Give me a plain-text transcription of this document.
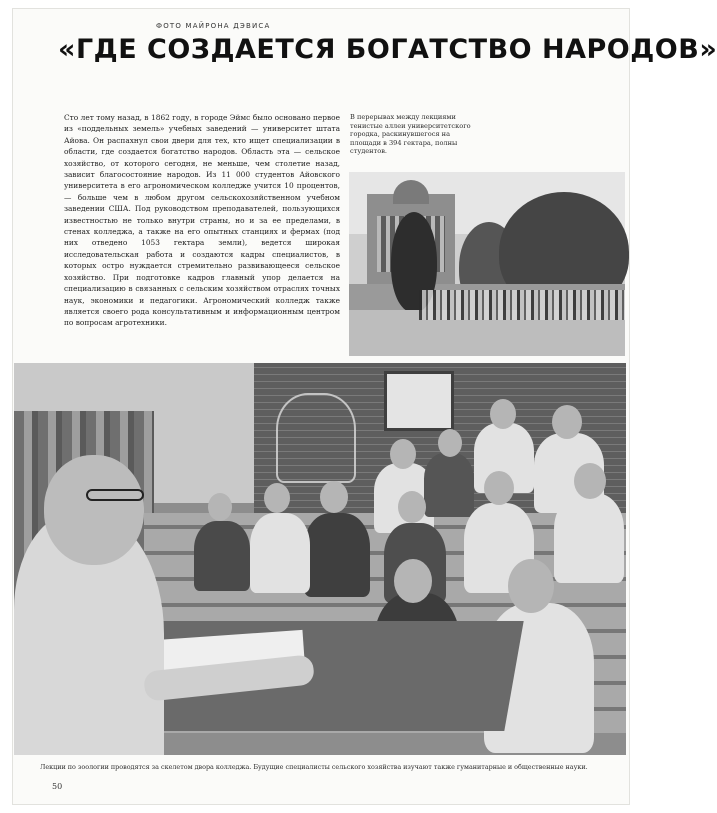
ФОТО МАЙРОНА ДЭВИСА
«ГДЕ СОЗДАЕТСЯ БОГАТСТВО НАРОДОВ»
Сто лет тому назад, в 1862 году, в городе Эймс было основано первое из «поддельных земель» учебных заведений — университет штата Айова. Он распахнул свои двери для тех, кто ищет специализации в области, где создается богатство народов. Область эта — сельское хозяйство, от которого сегодня, не меньше, чем столетие назад, зависит благосостояние народов. Из 11 000 студентов Айовского университета в его агрономическом колледже учится 10 процентов, — больше чем в любом другом сельскохозяйственном учебном заведении США. Под руководством преподавателей, пользующихся известностью не только внутри страны, но и за ее пределами, в стенах колледжа, а также на его опытных станциях и фермах (под них отведено 1053 гектара земли), ведется широкая исследовательская работа и создаются кадры специалистов, в которых остро нуждается стремительно развивающееся сельское хозяйство. При подготовке кадров главный упор делается на специализацию в связанных с сельским хозяйством отраслях точных наук, экономики и педагогики. Агрономический колледж также является своего рода консультативным и информационным центром по вопросам агротехники.
В перерывах между лекциями тенистые аллеи университетского городка, раскинувшегося на площади в 394 гектара, полны студентов.
Лекции по зоологии проводятся за скелетом двора колледжа. Будущие специалисты сельского хозяйства изучают также гуманитарные и общественные науки.
50
